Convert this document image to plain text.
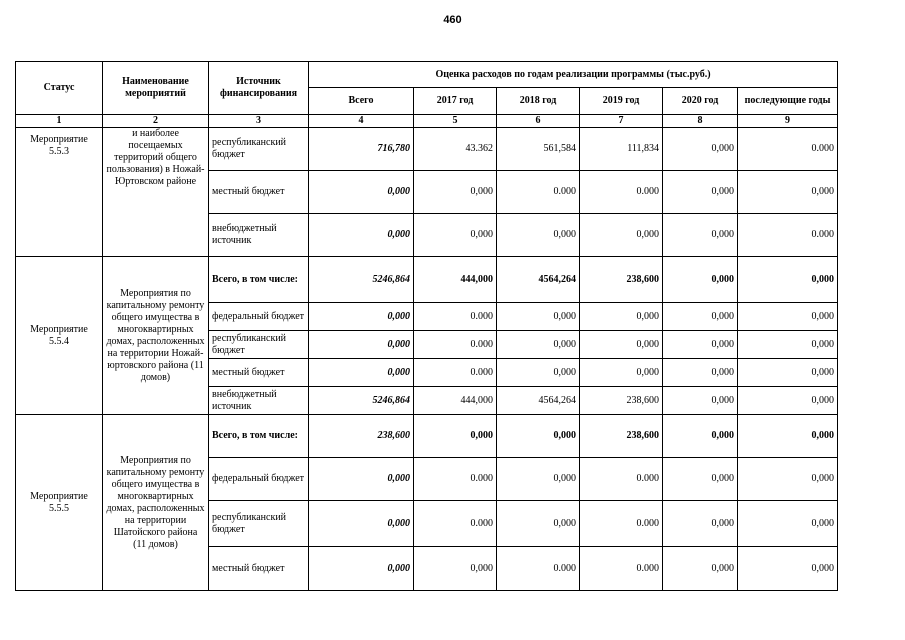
460
Статус	Наименование мероприятий	Источник финансирования	Оценка расходов по годам реализации программы (тыс.руб.)					
			Всего	2017 год	2018 год	2019 год	2020 год	последующие годы
1	2	3	4	5	6	7	8	9
Мероприятие 5.5.3	и наиболее посещаемых территорий общего пользования) в Ножай-Юртовском районе	республиканский бюджет	716,780	43.362	561,584	111,834	0,000	0.000
		местный бюджет	0,000	0,000	0.000	0.000	0,000	0,000
		внебюджетный источник	0,000	0,000	0,000	0,000	0,000	0.000
Мероприятие 5.5.4	Мероприятия по капитальному ремонту общего имущества в многоквартирных домах, расположенных на территории Ножай-юртовского района (11 домов)	Всего, в том числе:	5246,864	444,000	4564,264	238,600	0,000	0,000
		федеральный бюджет	0,000	0.000	0,000	0,000	0,000	0,000
		республиканский бюджет	0,000	0.000	0,000	0,000	0,000	0,000
		местный бюджет	0,000	0.000	0,000	0,000	0,000	0,000
		внебюджетный источник	5246,864	444,000	4564,264	238,600	0,000	0,000
Мероприятие 5.5.5	Мероприятия по капитальному ремонту общего имущества в многоквартирных домах, расположенных на территории Шатойского района (11 домов)	Всего, в том числе:	238,600	0,000	0,000	238,600	0,000	0,000
		федеральный бюджет	0,000	0.000	0,000	0.000	0,000	0,000
		республиканский бюджет	0,000	0.000	0,000	0.000	0,000	0,000
		местный бюджет	0,000	0,000	0.000	0.000	0,000	0,000
